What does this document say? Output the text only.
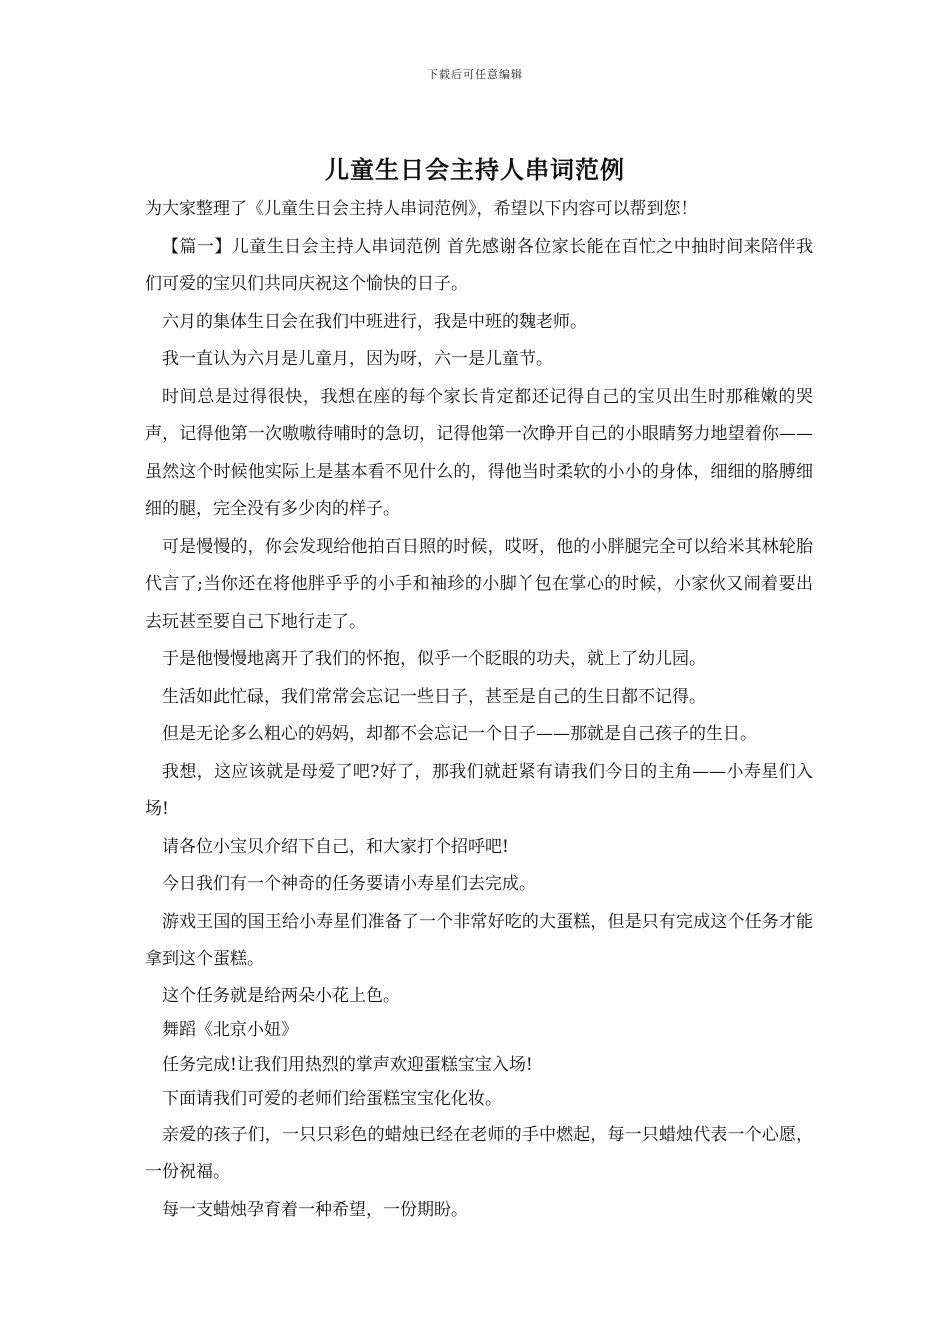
下载后可任意编辑
儿童生日会主持人串词范例

为大家整理了《儿童生日会主持人串词范例》，希望以下内容可以帮到您！

【篇一】儿童生日会主持人串词范例 首先感谢各位家长能在百忙之中抽时间来陪伴我们可爱的宝贝们共同庆祝这个愉快的日子。

六月的集体生日会在我们中班进行，我是中班的魏老师。

我一直认为六月是儿童月，因为呀，六一是儿童节。

时间总是过得很快，我想在座的每个家长肯定都还记得自己的宝贝出生时那稚嫩的哭声，记得他第一次嗷嗷待哺时的急切，记得他第一次睁开自己的小眼睛努力地望着你——虽然这个时候他实际上是基本看不见什么的，得他当时柔软的小小的身体，细细的胳膊细细的腿，完全没有多少肉的样子。

可是慢慢的，你会发现给他拍百日照的时候，哎呀，他的小胖腿完全可以给米其林轮胎代言了;当你还在将他胖乎乎的小手和袖珍的小脚丫包在掌心的时候，小家伙又闹着要出去玩甚至要自己下地行走了。

于是他慢慢地离开了我们的怀抱，似乎一个眨眼的功夫，就上了幼儿园。

生活如此忙碌，我们常常会忘记一些日子，甚至是自己的生日都不记得。

但是无论多么粗心的妈妈，却都不会忘记一个日子——那就是自己孩子的生日。

我想，这应该就是母爱了吧?好了，那我们就赶紧有请我们今日的主角——小寿星们入场!

请各位小宝贝介绍下自己，和大家打个招呼吧!

今日我们有一个神奇的任务要请小寿星们去完成。

游戏王国的国王给小寿星们准备了一个非常好吃的大蛋糕，但是只有完成这个任务才能拿到这个蛋糕。

这个任务就是给两朵小花上色。

舞蹈《北京小妞》

任务完成!让我们用热烈的掌声欢迎蛋糕宝宝入场!

下面请我们可爱的老师们给蛋糕宝宝化化妆。

亲爱的孩子们，一只只彩色的蜡烛已经在老师的手中燃起，每一只蜡烛代表一个心愿，一份祝福。

每一支蜡烛孕育着一种希望，一份期盼。
